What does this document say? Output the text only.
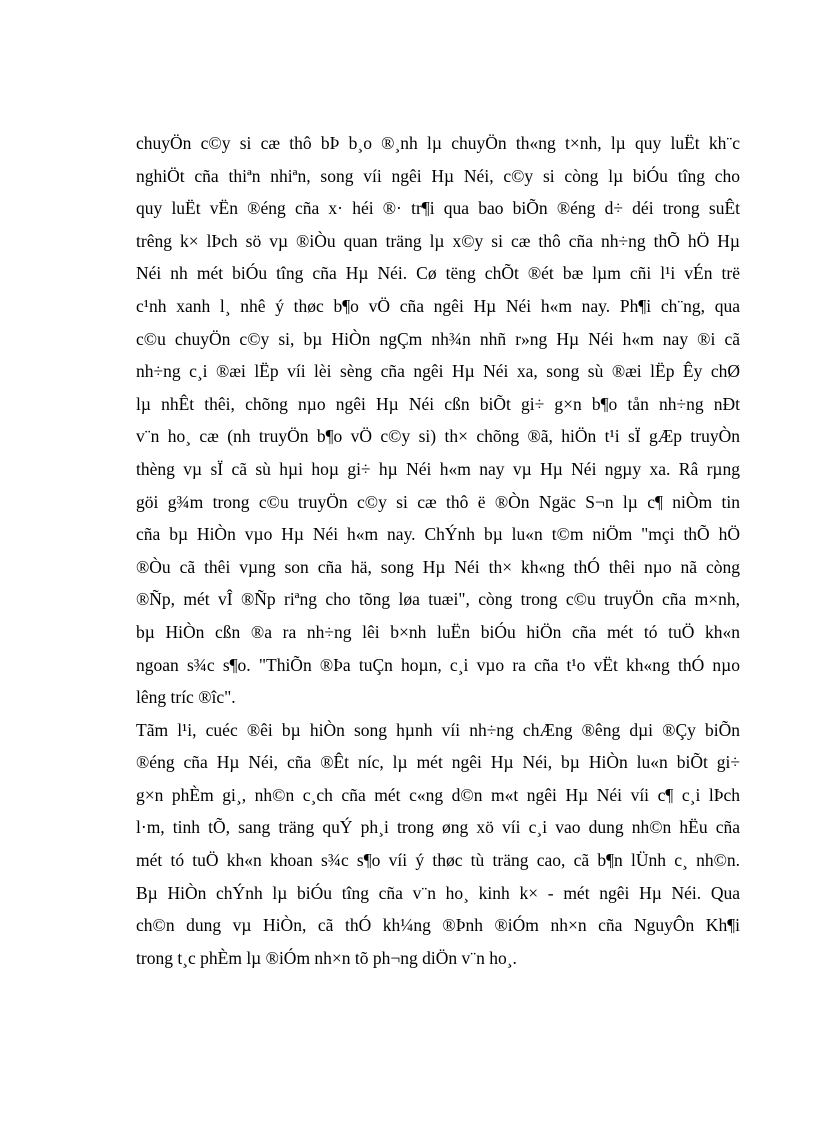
chuyÖn c©y si cæ thô bÞ b¸o ®¸nh lµ chuyÖn th«ng t×nh, lµ quy luËt kh¨c
nghiÖt cña thiªn nhiªn, song víi ngêi Hµ Néi, c©y si còng lµ biÓu tîng cho
quy luËt vËn ®éng cña x· héi ®· tr¶i qua bao biÕn ®éng d÷ déi trong suÊt
trêng k× lÞch sö vµ ®iÒu quan träng lµ x©y si cæ thô cña nh÷ng thÕ hÖ Hµ
Néi nh mét biÓu tîng cña Hµ Néi. Cø tëng chÕt ®ét bæ lµm cñi l¹i vÉn trë
c¹nh xanh l¸ nhê ý thøc b¶o vÖ cña ngêi Hµ Néi h«m nay. Ph¶i ch¨ng, qua
c©u chuyÖn c©y si, bµ HiÒn ngÇm nh¾n nhñ r»ng Hµ Néi h«m nay ®i cã
nh÷ng c¸i ®æi lËp víi lèi sèng cña ngêi Hµ Néi xa, song sù ®æi lËp Êy chØ
lµ nhÊt thêi, chõng nµo ngêi Hµ Néi cßn biÕt gi÷ g×n b¶o tån nh÷ng nÐt
v¨n ho¸ cæ (nh truyÖn b¶o vÖ c©y si) th× chõng ®ã, hiÖn t¹i sÏ gÆp truyÒn
thèng vµ sÏ cã sù hµi hoµ gi÷ hµ Néi h«m nay vµ Hµ Néi ngµy xa. Râ rµng
göi g¾m trong c©u truyÖn c©y si cæ thô ë ®Òn Ngäc S¬n lµ c¶ niÒm tin
cña bµ HiÒn vµo Hµ Néi h«m nay. ChÝnh bµ lu«n t©m niÖm "mçi thÕ hÖ
®Òu cã thêi vµng son cña hä, song Hµ Néi th× kh«ng thÓ thêi nµo nã còng
®Ñp, mét vÎ ®Ñp riªng cho tõng løa tuæi", còng trong c©u truyÖn cña m×nh,
bµ HiÒn cßn ®a ra nh÷ng lêi b×nh luËn biÓu hiÖn cña mét tó tuÖ kh«n
ngoan s¾c s¶o. "ThiÕn ®Þa tuÇn hoµn, c¸i vµo ra cña t¹o vËt kh«ng thÓ nµo
lêng tríc ®îc".
Tãm l¹i, cuéc ®êi bµ hiÒn song hµnh víi nh÷ng chÆng ®êng dµi ®Çy biÕn
®éng cña Hµ Néi, cña ®Êt níc, lµ mét ngêi Hµ Néi, bµ HiÒn lu«n biÕt gi÷
g×n phÈm gi¸, nh©n c¸ch cña mét c«ng d©n m«t ngêi Hµ Néi víi c¶ c¸i lÞch
l·m, tinh tÕ, sang träng quÝ ph¸i trong øng xö víi c¸i vao dung nh©n hËu cña
mét tó tuÖ kh«n khoan s¾c s¶o víi ý thøc tù träng cao, cã b¶n lÜnh c¸ nh©n.
Bµ HiÒn chÝnh lµ biÓu tîng cña v¨n ho¸ kinh k× - mét ngêi Hµ Néi. Qua
ch©n dung vµ HiÒn, cã thÓ kh¼ng ®Þnh ®iÓm nh×n cña NguyÔn Kh¶i
trong t¸c phÈm lµ ®iÓm nh×n tõ ph¬ng diÖn v¨n ho¸.
